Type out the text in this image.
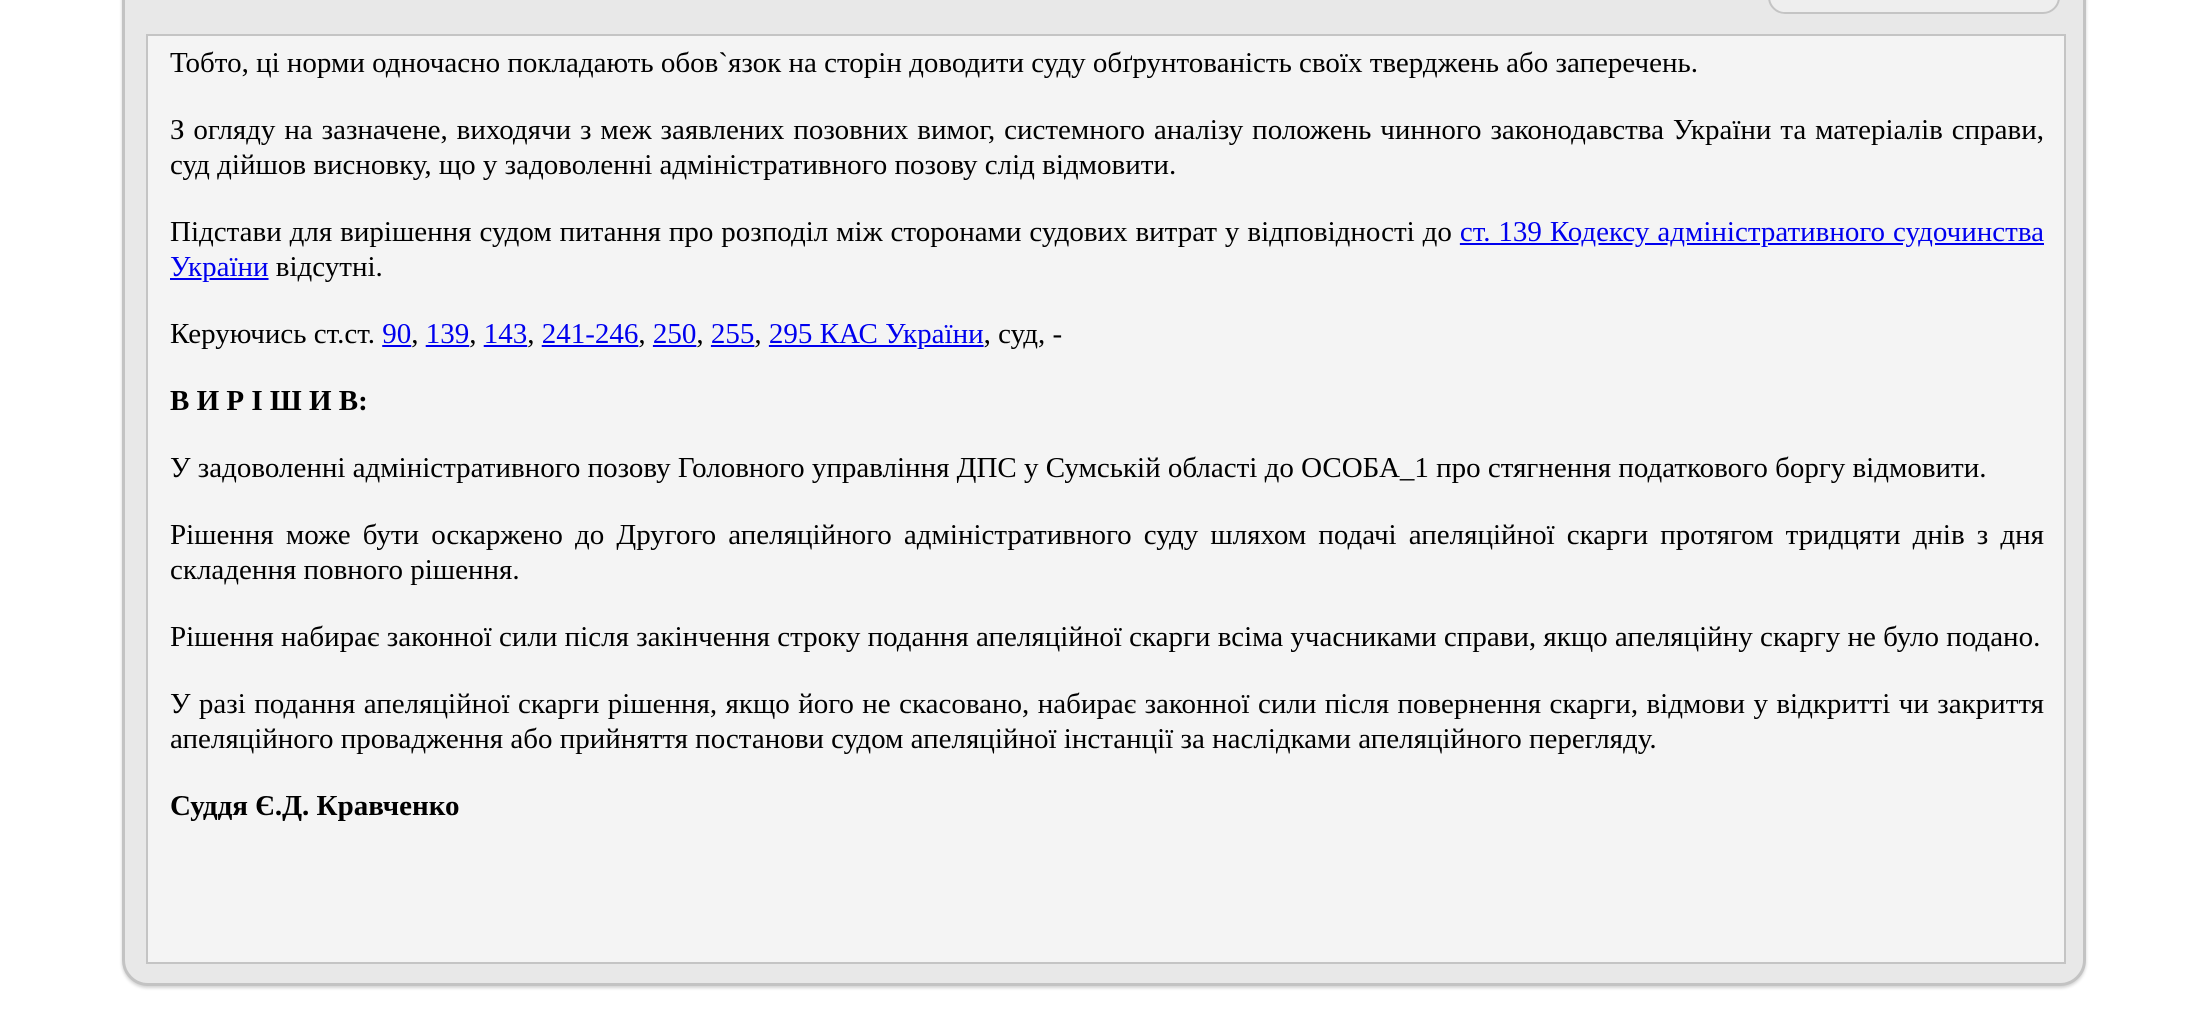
Тобто, ці норми одночасно покладають обов`язок на сторін доводити суду обґрунтованість своїх тверджень або заперечень.

З огляду на зазначене, виходячи з меж заявлених позовних вимог, системного аналізу положень чинного законодавства України та матеріалів справи, суд дійшов висновку, що у задоволенні адміністративного позову слід відмовити.

Підстави для вирішення судом питання про розподіл між сторонами судових витрат у відповідності до ст. 139 Кодексу адміністративного судочинства України відсутні.

Керуючись ст.ст. 90, 139, 143, 241-246, 250, 255, 295 КАС України, суд, -

В И Р І Ш И В:

У задоволенні адміністративного позову Головного управління ДПС у Сумській області до ОСОБА_1 про стягнення податкового боргу відмовити.

Рішення може бути оскаржено до Другого апеляційного адміністративного суду шляхом подачі апеляційної скарги протягом тридцяти днів з дня складення повного рішення.

Рішення набирає законної сили після закінчення строку подання апеляційної скарги всіма учасниками справи, якщо апеляційну скаргу не було подано.

У разі подання апеляційної скарги рішення, якщо його не скасовано, набирає законної сили після повернення скарги, відмови у відкритті чи закриття апеляційного провадження або прийняття постанови судом апеляційної інстанції за наслідками апеляційного перегляду.

Суддя Є.Д. Кравченко
